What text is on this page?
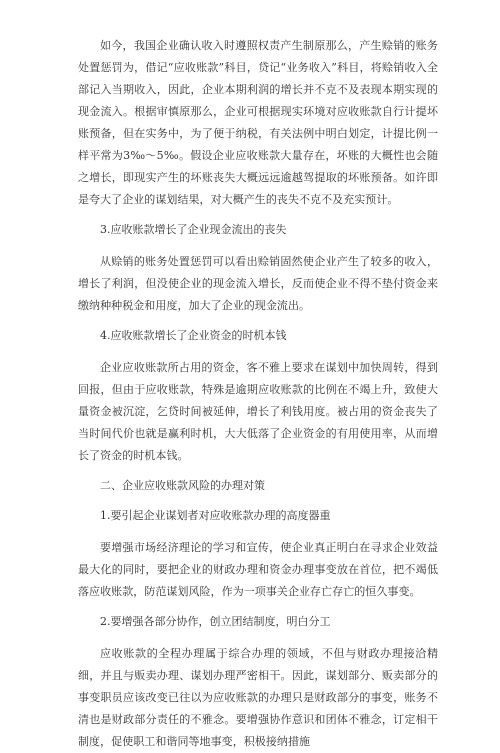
如今，我国企业确认收入时遵照权责产生制原那么，产生赊销的账务处置惩罚为，借记“应收账款”科目，贷记“业务收入”科目，将赊销收入全部记入当期收入，因此，企业本期利润的增长并不克不及表现本期实现的现金流入。根据审慎原那么，企业可根据现实环境对应收账款自行计提坏账预备，但在实务中，为了便于纳税，有关法例中明白划定，计提比例一样平常为3‰～5‰。假设企业应收账款大量存在，坏账的大概性也会随之增长，即现实产生的坏账丧失大概远远逾越驾提取的坏账预备。如许即是夸大了企业的谋划结果，对大概产生的丧失不克不及充实预计。

3.应收账款增长了企业现金流出的丧失

从赊销的账务处置惩罚可以看出赊销固然使企业产生了较多的收入，增长了利润，但没使企业的现金流入增长，反而使企业不得不垫付资金来缴纳种种税金和用度，加大了企业的现金流出。

4.应收账款增长了企业资金的时机本钱

企业应收账款所占用的资金，客不雅上要求在谋划中加快周转，得到回报，但由于应收账款，特殊是逾期应收账款的比例在不竭上升，致使大量资金被沉淀，乞贷时间被延伸，增长了利钱用度。被占用的资金丧失了当时间代价也就是赢利时机，大大低落了企业资金的有用使用率，从而增长了资金的时机本钱。

二、企业应收账款风险的办理对策

1.要引起企业谋划者对应收账款办理的高度器重

要增强市场经济理论的学习和宣传，使企业真正明白在寻求企业效益最大化的同时，要把企业的财政办理和资金办理事变放在首位，把不竭低落应收账款，防范谋划风险，作为一项事关企业存亡存亡的恒久事变。

2.要增强各部分协作，创立团结制度，明白分工

应收账款的全程办理属于综合办理的领域，不但与财政办理接洽精细，并且与贩卖办理、谋划办理严密相干。因此，谋划部分、贩卖部分的事变职员应该改变已往以为应收账款的办理只是财政部分的事变，账务不清也是财政部分责任的不雅念。要增强协作意识和团体不雅念，订定相干制度，促使职工和谐同等地事变，积极接纳措施
